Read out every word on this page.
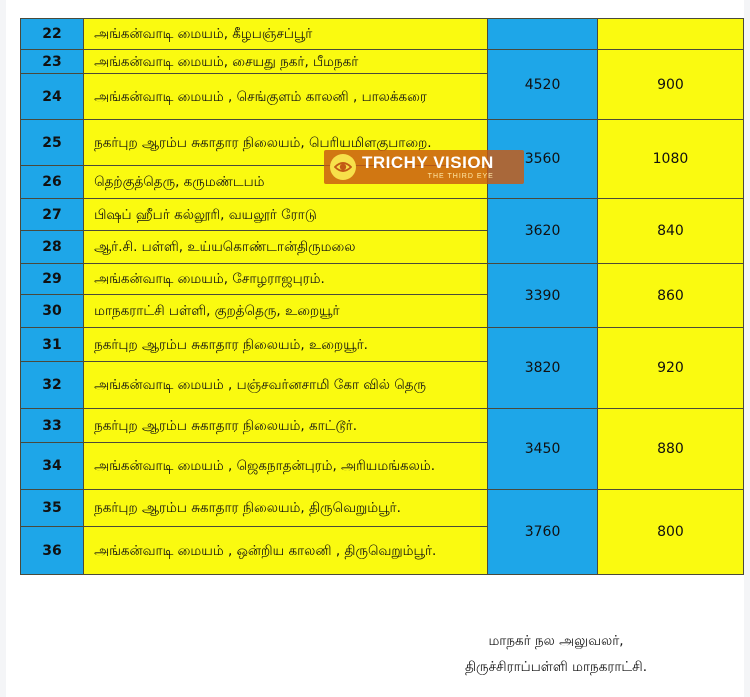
22	அங்கன்வாடி மையம், கீழபஞ்சப்பூர்		
23	அங்கன்வாடி மையம், சையது நகர், பீமநகர்	4520	900
24	அங்கன்வாடி மையம் , செங்குளம் காலனி , பாலக்கரை		
25	நகர்புற ஆரம்ப சுகாதார நிலையம், பெரியமிளகுபாறை.	3560	1080
26	தெற்குத்தெரு, கருமண்டபம்		
27	பிஷப் ஹீபர் கல்லூரி, வயலூர் ரோடு	3620	840
28	ஆர்.சி. பள்ளி, உய்யகொண்டான்திருமலை		
29	அங்கன்வாடி மையம், சோழராஜபுரம்.	3390	860
30	மாநகராட்சி பள்ளி, குறத்தெரு, உறையூர்		
31	நகர்புற ஆரம்ப சுகாதார நிலையம், உறையூர்.	3820	920
32	அங்கன்வாடி மையம் , பஞ்சவர்னசாமி கோ வில் தெரு		
33	நகர்புற ஆரம்ப சுகாதார நிலையம், காட்டூர்.	3450	880
34	அங்கன்வாடி மையம் , ஜெகநாதன்புரம், அரியமங்கலம்.		
35	நகர்புற ஆரம்ப சுகாதார நிலையம், திருவெறும்பூர்.	3760	800
36	அங்கன்வாடி மையம் , ஒன்றிய காலனி , திருவெறும்பூர்.		
TRICHY VISION
THE THIRD EYE
மாநகர் நல அலுவலர்,
திருச்சிராப்பள்ளி மாநகராட்சி.
